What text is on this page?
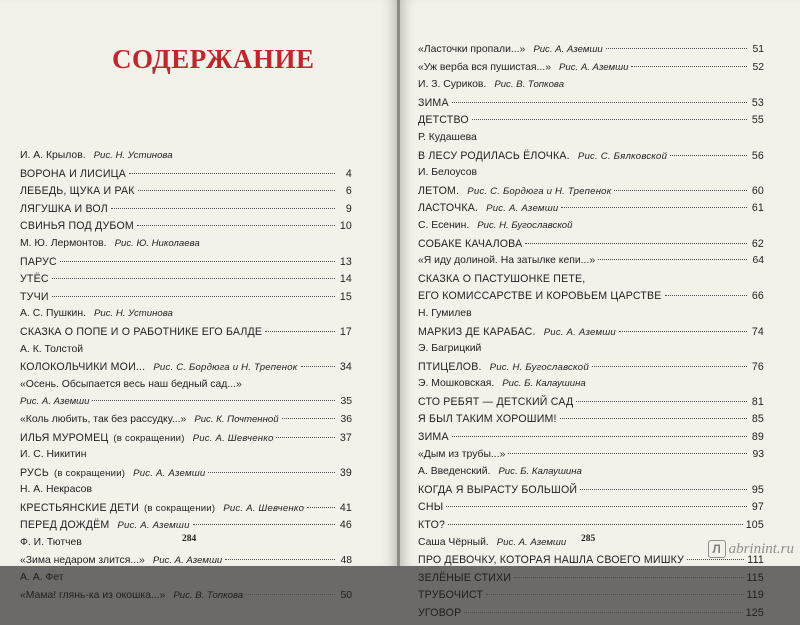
СОДЕРЖАНИЕ
И. А. Крылов. Рис. Н. Устинова
ВОРОНА И ЛИСИЦА	4
ЛЕБЕДЬ, ЩУКА И РАК	6
ЛЯГУШКА И ВОЛ	9
СВИНЬЯ ПОД ДУБОМ	10
М. Ю. Лермонтов. Рис. Ю. Николаева
ПАРУС	13
УТЁС	14
ТУЧИ	15
А. С. Пушкин. Рис. Н. Устинова
СКАЗКА О ПОПЕ И О РАБОТНИКЕ ЕГО БАЛДЕ	17
А. К. Толстой
КОЛОКОЛЬЧИКИ МОИ... Рис. С. Бордюга и Н. Трепенок	34
«Осень. Обсыпается весь наш бедный сад...»
Рис. А. Аземши	35
«Коль любить, так без рассудку...» Рис. К. Почтенной	36
ИЛЬЯ МУРОМЕЦ (в сокращении) Рис. А. Шевченко	37
И. С. Никитин
РУСЬ (в сокращении) Рис. А. Аземши	39
Н. А. Некрасов
КРЕСТЬЯНСКИЕ ДЕТИ (в сокращении) Рис. А. Шевченко	41
ПЕРЕД ДОЖДЁМ Рис. А. Аземши	46
Ф. И. Тютчев
«Зима недаром злится...» Рис. А. Аземши	48
А. А. Фет
«Мама! глянь-ка из окошка...» Рис. В. Топкова	50
284
«Ласточки пропали...» Рис. А. Аземши	51
«Уж верба вся пушистая...» Рис. А. Аземши	52
И. З. Суриков. Рис. В. Топкова
ЗИМА	53
ДЕТСТВО	55
Р. Кудашева
В ЛЕСУ РОДИЛАСЬ ЁЛОЧКА. Рис. С. Бялковской	56
И. Белоусов
ЛЕТОМ. Рис. С. Бордюга и Н. Трепенок	60
ЛАСТОЧКА. Рис. А. Аземши	61
С. Есенин. Рис. Н. Бугославской
СОБАКЕ КАЧАЛОВА	62
«Я иду долиной. На затылке кепи...»	64
СКАЗКА О ПАСТУШОНКЕ ПЕТЕ,
ЕГО КОМИССАРСТВЕ И КОРОВЬЕМ ЦАРСТВЕ	66
Н. Гумилев
МАРКИЗ ДЕ КАРАБАС. Рис. А. Аземши	74
Э. Багрицкий
ПТИЦЕЛОВ. Рис. Н. Бугославской	76
Э. Мошковская. Рис. Б. Калаушина
СТО РЕБЯТ — ДЕТСКИЙ САД	81
Я БЫЛ ТАКИМ ХОРОШИМ!	85
ЗИМА	89
«Дым из трубы...»	93
А. Введенский. Рис. Б. Калаушина
КОГДА Я ВЫРАСТУ БОЛЬШОЙ	95
СНЫ	97
КТО?	105
Саша Чёрный. Рис. А. Аземши
ПРО ДЕВОЧКУ, КОТОРАЯ НАШЛА СВОЕГО МИШКУ	111
ЗЕЛЁНЫЕ СТИХИ	115
ТРУБОЧИСТ	119
УГОВОР	125
285
Л abrinint.ru
